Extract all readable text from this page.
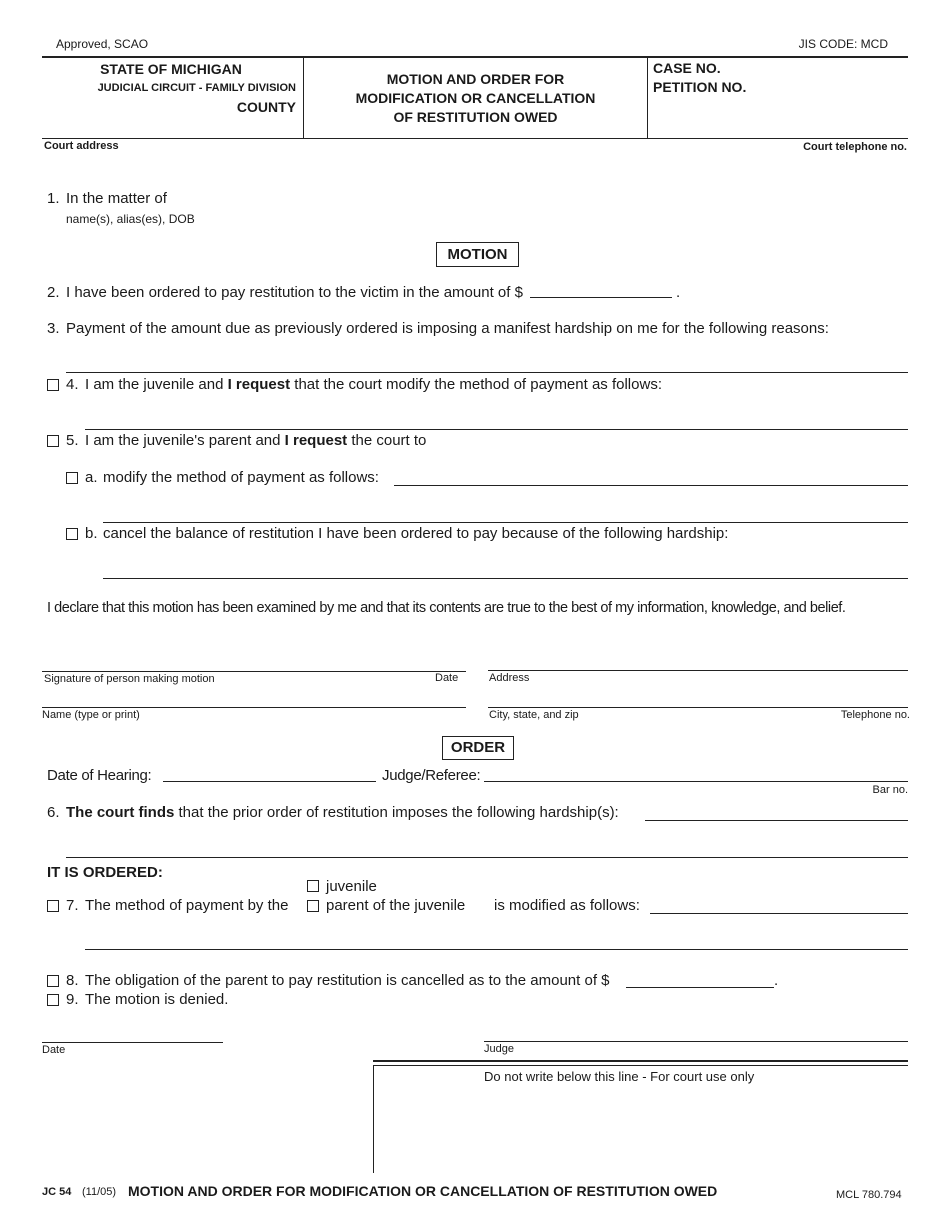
Approved, SCAO	JIS CODE: MCD
STATE OF MICHIGAN
JUDICIAL CIRCUIT - FAMILY DIVISION
COUNTY
MOTION AND ORDER FOR
MODIFICATION OR CANCELLATION
OF RESTITUTION OWED
CASE NO.
PETITION NO.
Court address	Court telephone no.
1. In the matter of
name(s), alias(es), DOB
MOTION
2. I have been ordered to pay restitution to the victim in the amount of $	.
3. Payment of the amount due as previously ordered is imposing a manifest hardship on me for the following reasons:
4. I am the juvenile and I request that the court modify the method of payment as follows:
5. I am the juvenile's parent and I request the court to
a. modify the method of payment as follows:
b. cancel the balance of restitution I have been ordered to pay because of the following hardship:
I declare that this motion has been examined by me and that its contents are true to the best of my information, knowledge, and belief.
Signature of person making motion	Date	Address
Name (type or print)	City, state, and zip	Telephone no.
ORDER
Date of Hearing:	Judge/Referee:
Bar no.
6. The court finds that the prior order of restitution imposes the following hardship(s):
IT IS ORDERED:
juvenile
7. The method of payment by the	parent of the juvenile is modified as follows:
8. The obligation of the parent to pay restitution is cancelled as to the amount of $	.
9. The motion is denied.
Date	Judge
Do not write below this line - For court use only
JC 54 (11/05) MOTION AND ORDER FOR MODIFICATION OR CANCELLATION OF RESTITUTION OWED	MCL 780.794
